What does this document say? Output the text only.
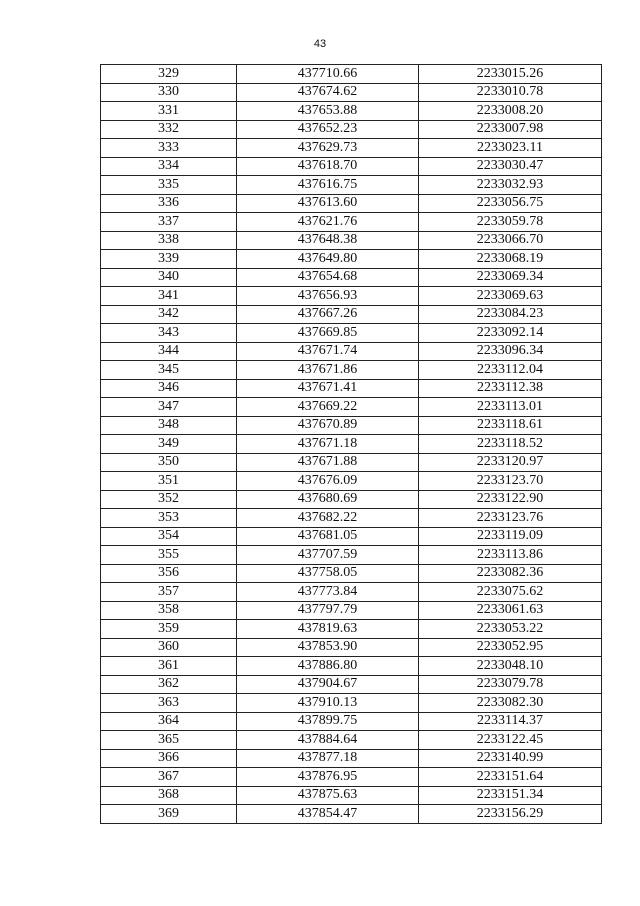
43
329	437710.66	2233015.26
330	437674.62	2233010.78
331	437653.88	2233008.20
332	437652.23	2233007.98
333	437629.73	2233023.11
334	437618.70	2233030.47
335	437616.75	2233032.93
336	437613.60	2233056.75
337	437621.76	2233059.78
338	437648.38	2233066.70
339	437649.80	2233068.19
340	437654.68	2233069.34
341	437656.93	2233069.63
342	437667.26	2233084.23
343	437669.85	2233092.14
344	437671.74	2233096.34
345	437671.86	2233112.04
346	437671.41	2233112.38
347	437669.22	2233113.01
348	437670.89	2233118.61
349	437671.18	2233118.52
350	437671.88	2233120.97
351	437676.09	2233123.70
352	437680.69	2233122.90
353	437682.22	2233123.76
354	437681.05	2233119.09
355	437707.59	2233113.86
356	437758.05	2233082.36
357	437773.84	2233075.62
358	437797.79	2233061.63
359	437819.63	2233053.22
360	437853.90	2233052.95
361	437886.80	2233048.10
362	437904.67	2233079.78
363	437910.13	2233082.30
364	437899.75	2233114.37
365	437884.64	2233122.45
366	437877.18	2233140.99
367	437876.95	2233151.64
368	437875.63	2233151.34
369	437854.47	2233156.29
